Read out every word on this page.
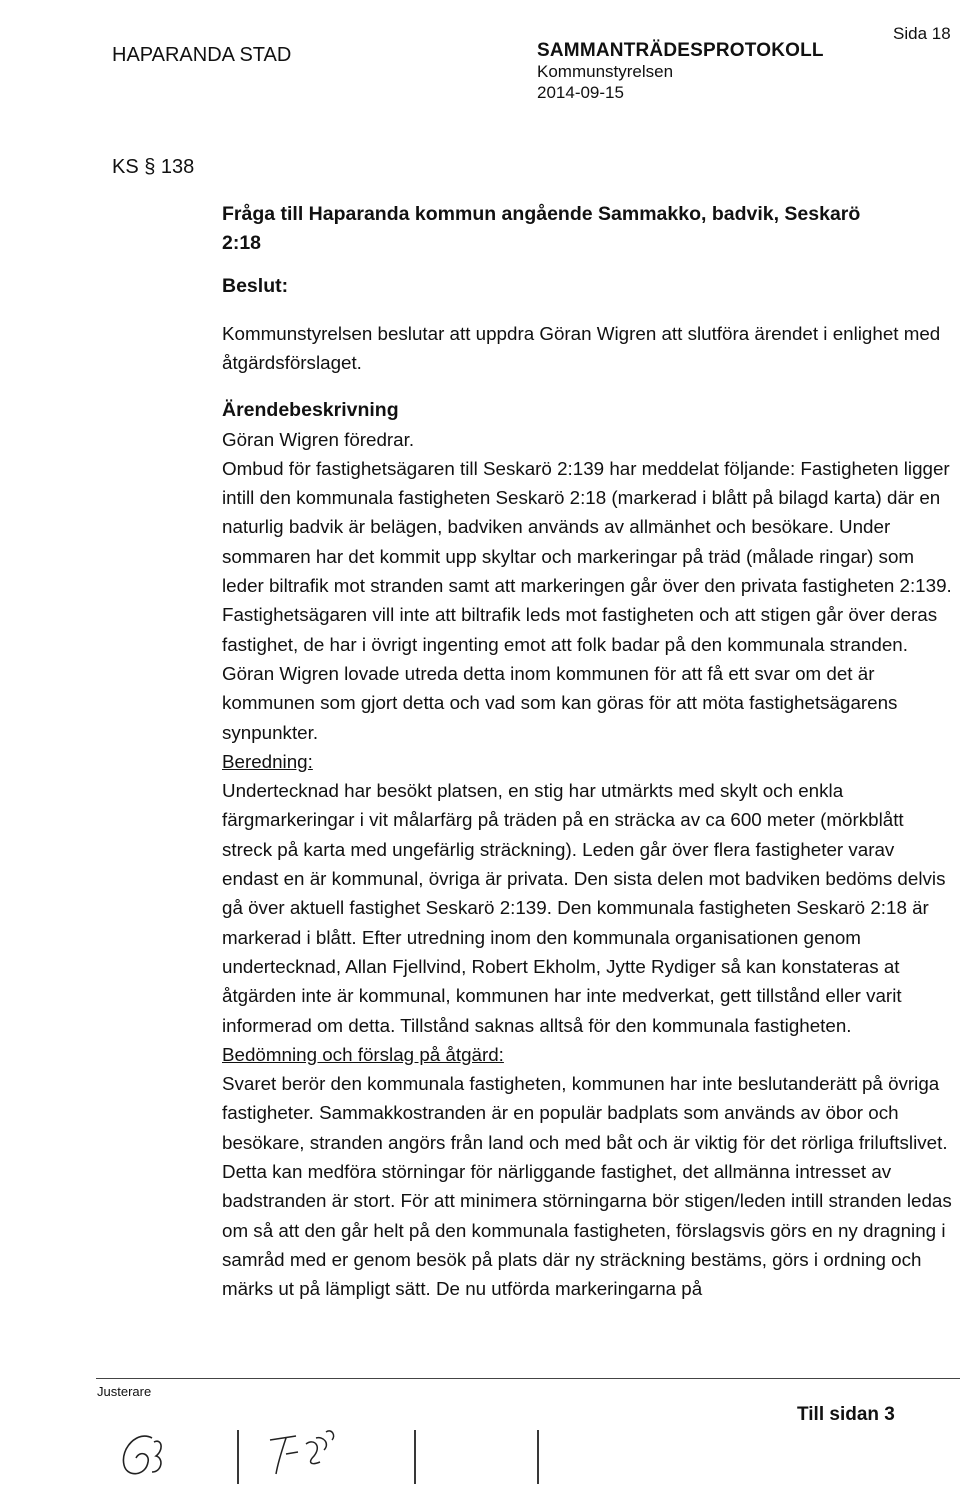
HAPARANDA STAD
Sida 18
SAMMANTRÄDESPROTOKOLL
Kommunstyrelsen
2014-09-15
KS § 138
Fråga till Haparanda kommun angående Sammakko, badvik, Seskarö
2:18

Beslut:

Kommunstyrelsen beslutar att uppdra Göran Wigren att slutföra ärendet i enlighet med åtgärdsförslaget.

Ärendebeskrivning

Göran Wigren föredrar.

Ombud för fastighetsägaren till Seskarö 2:139 har meddelat följande: Fastigheten ligger intill den kommunala fastigheten Seskarö 2:18 (markerad i blått på bilagd karta) där en naturlig badvik är belägen, badviken används av allmänhet och besökare. Under sommaren har det kommit upp skyltar och markeringar på träd (målade ringar) som leder biltrafik mot stranden samt att markeringen går över den privata fastigheten 2:139. Fastighetsägaren vill inte att biltrafik leds mot fastigheten och att stigen går över deras fastighet, de har i övrigt ingenting emot att folk badar på den kommunala stranden. Göran Wigren lovade utreda detta inom kommunen för att få ett svar om det är kommunen som gjort detta och vad som kan göras för att möta fastighetsägarens synpunkter.

Beredning:

Undertecknad har besökt platsen, en stig har utmärkts med skylt och enkla färgmarkeringar i vit målarfärg på träden på en sträcka av ca 600 meter (mörkblått streck på karta med ungefärlig sträckning). Leden går över flera fastigheter varav endast en är kommunal, övriga är privata. Den sista delen mot badviken bedöms delvis gå över aktuell fastighet Seskarö 2:139. Den kommunala fastigheten Seskarö 2:18 är markerad i blått. Efter utredning inom den kommunala organisationen genom undertecknad, Allan Fjellvind, Robert Ekholm, Jytte Rydiger så kan konstateras at åtgärden inte är kommunal, kommunen har inte medverkat, gett tillstånd eller varit informerad om detta. Tillstånd saknas alltså för den kommunala fastigheten.

Bedömning och förslag på åtgärd:

Svaret berör den kommunala fastigheten, kommunen har inte beslutanderätt på övriga fastigheter. Sammakkostranden är en populär badplats som används av öbor och besökare, stranden angörs från land och med båt och är viktig för det rörliga friluftslivet. Detta kan medföra störningar för närliggande fastighet, det allmänna intresset av badstranden är stort. För att minimera störningarna bör stigen/leden intill stranden ledas om så att den går helt på den kommunala fastigheten, förslagsvis görs en ny dragning i samråd med er genom besök på plats där ny sträckning bestäms, görs i ordning och märks ut på lämpligt sätt. De nu utförda markeringarna på

Justerare
Till sidan 3
